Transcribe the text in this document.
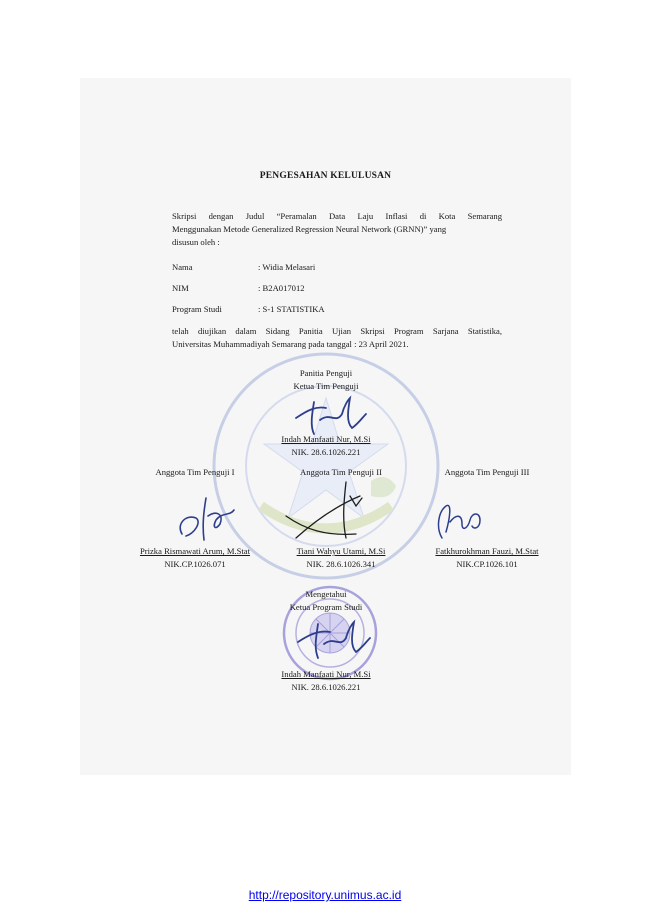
PENGESAHAN KELULUSAN
Skripsi dengan Judul “Peramalan Data Laju Inflasi di Kota Semarang
Menggunakan Metode Generalized Regression Neural Network (GRNN)” yang
disusun oleh :
Nama	: Widia Melasari
NIM	: B2A017012
Program Studi	: S-1 STATISTIKA
telah diujikan dalam Sidang Panitia Ujian Skripsi Program Sarjana Statistika,
Universitas Muhammadiyah Semarang pada tanggal : 23 April 2021.
Panitia Penguji
Ketua Tim Penguji
Indah Manfaati Nur, M.Si
NIK. 28.6.1026.221
Anggota Tim Penguji I	Anggota Tim Penguji II	Anggota Tim Penguji III
Prizka Rismawati Arum, M.Stat
NIK.CP.1026.071
Tiani Wahyu Utami, M.Si
NIK. 28.6.1026.341
Fatkhurokhman Fauzi, M.Stat
NIK.CP.1026.101
Mengetahui
Ketua Program Studi
Indah Manfaati Nur, M.Si
NIK. 28.6.1026.221
http://repository.unimus.ac.id
